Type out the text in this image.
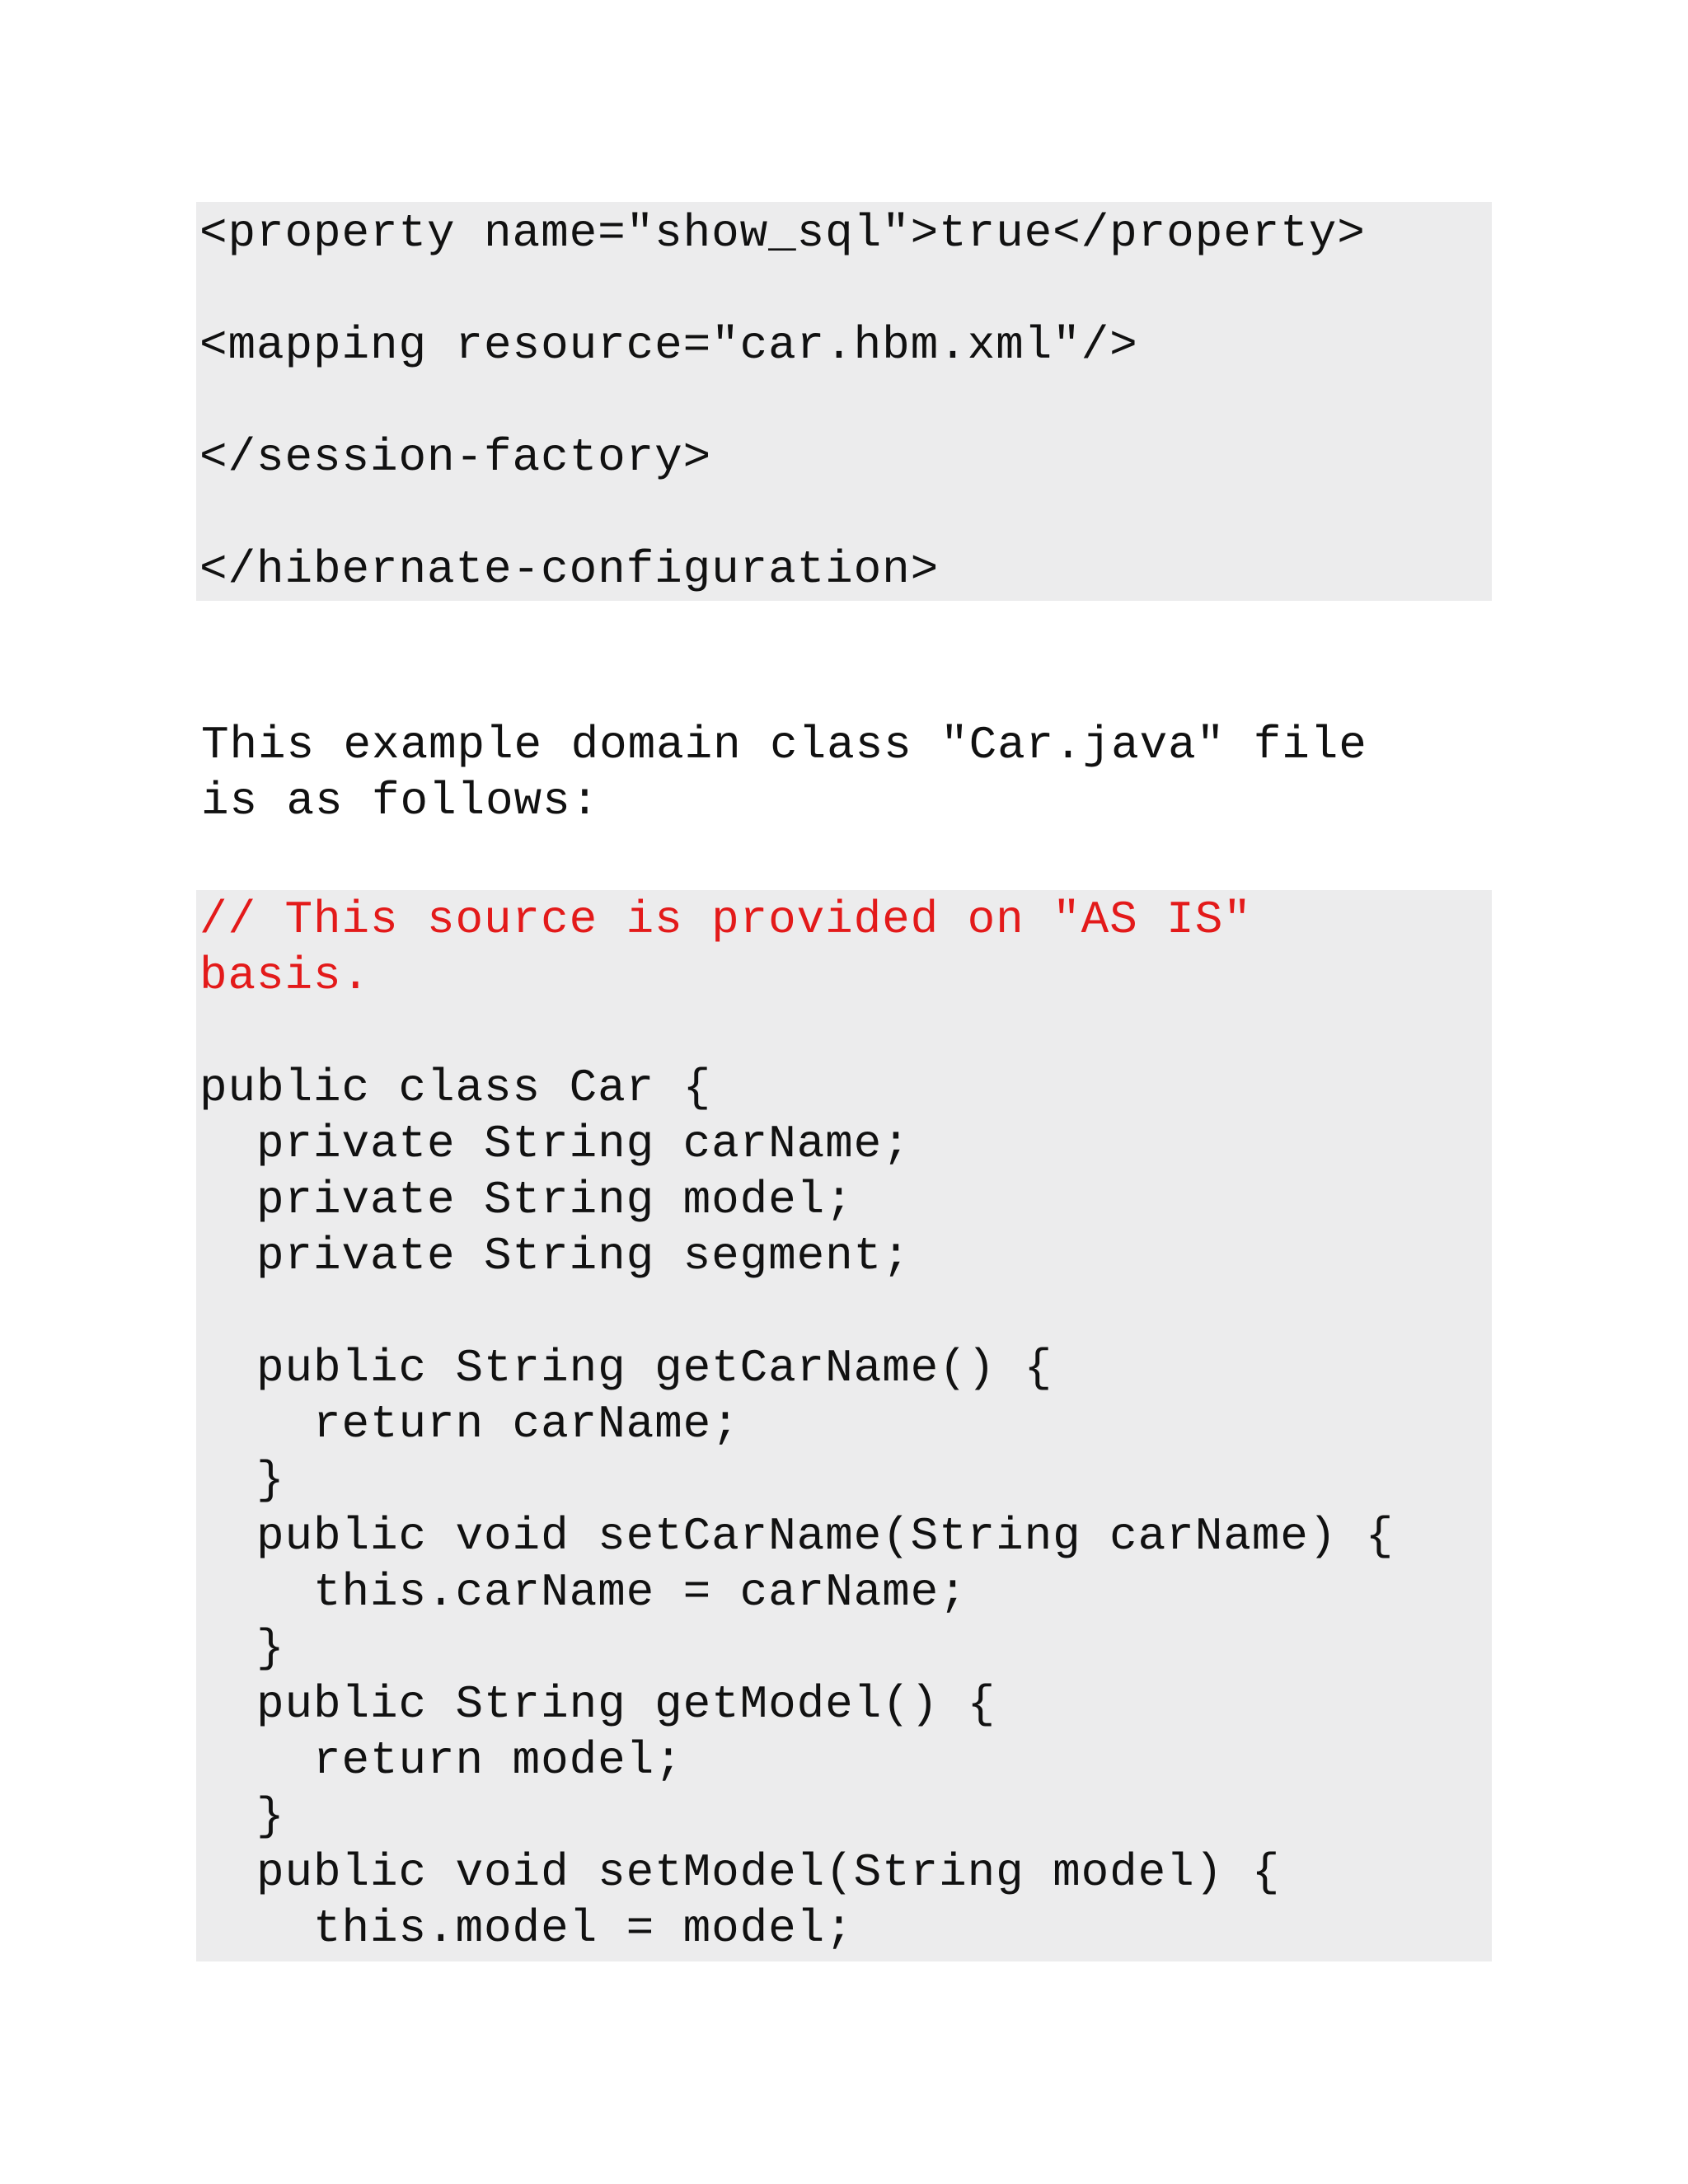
<property name="show_sql">true</property>
<mapping resource="car.hbm.xml"/>
</session-factory>
</hibernate-configuration>
This example domain class "Car.java" file
is as follows:
// This source is provided on "AS IS"
basis.
public class Car {
private String carName;
private String model;
private String segment;
public String getCarName() {
return carName;
}
public void setCarName(String carName) {
this.carName = carName;
}
public String getModel() {
return model;
}
public void setModel(String model) {
this.model = model;
